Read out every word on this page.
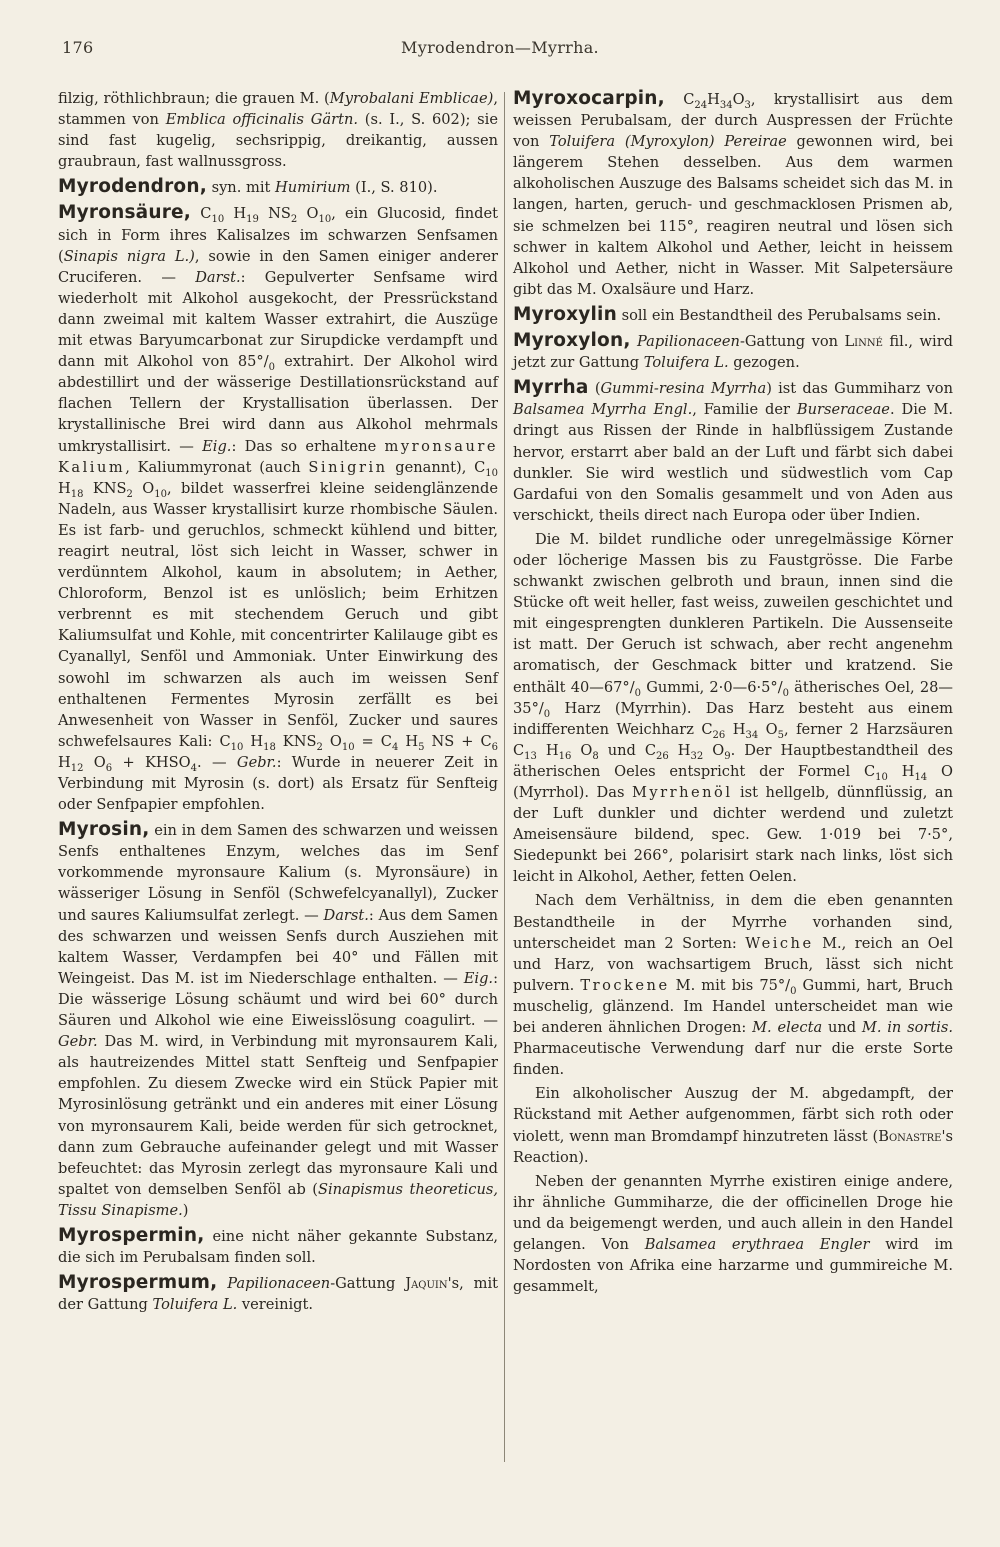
176	Myrodendron—Myrrha.

filzig, röthlichbraun; die grauen M. (Myrobalani Emblicae), stammen von Emblica officinalis Gärtn. (s. I., S. 602); sie sind fast kugelig, sechsrippig, dreikantig, aussen graubraun, fast wallnussgross.

Myrodendron, syn. mit Humirium (I., S. 810).

Myronsäure, $C_{10}$ $H_{19}$ $NS_2$ $O_{10}$, ein Glucosid, findet sich in Form ihres Kalisalzes im schwarzen Senfsamen (Sinapis nigra L.), sowie in den Samen einiger anderer Cruciferen. — Darst.: Gepulverter Senfsame wird wiederholt mit Alkohol ausgekocht, der Pressrückstand dann zweimal mit kaltem Wasser extrahirt, die Auszüge mit etwas Baryumcarbonat zur Sirupdicke verdampft und dann mit Alkohol von $85^\circ/_0$ extrahirt. Der Alkohol wird abdestillirt und der wässerige Destillationsrückstand auf flachen Tellern der Krystallisation überlassen. Der krystallinische Brei wird dann aus Alkohol mehrmals umkrystallisirt. — Eig.: Das so erhaltene myronsaure Kalium, Kaliummyronat (auch Sinigrin genannt), $C_{10}$ $H_{18}$ $KNS_2$ $O_{10}$, bildet wasserfrei kleine seidenglänzende Nadeln, aus Wasser krystallisirt kurze rhombische Säulen. Es ist farb- und geruchlos, schmeckt kühlend und bitter, reagirt neutral, löst sich leicht in Wasser, schwer in verdünntem Alkohol, kaum in absolutem; in Aether, Chloroform, Benzol ist es unlöslich; beim Erhitzen verbrennt es mit stechendem Geruch und gibt Kaliumsulfat und Kohle, mit concentrirter Kalilauge gibt es Cyanallyl, Senföl und Ammoniak. Unter Einwirkung des sowohl im schwarzen als auch im weissen Senf enthaltenen Fermentes Myrosin zerfällt es bei Anwesenheit von Wasser in Senföl, Zucker und saures schwefelsaures Kali: $C_{10}$ $H_{18}$ $KNS_2$ $O_{10} = C_4$ $H_5$ NS + $C_6$ $H_{12}$ $O_6$ + $KHSO_4$. — Gebr.: Wurde in neuerer Zeit in Verbindung mit Myrosin (s. dort) als Ersatz für Senfteig oder Senfpapier empfohlen.

Myrosin, ein in dem Samen des schwarzen und weissen Senfs enthaltenes Enzym, welches das im Senf vorkommende myronsaure Kalium (s. Myronsäure) in wässeriger Lösung in Senföl (Schwefelcyanallyl), Zucker und saures Kaliumsulfat zerlegt. — Darst.: Aus dem Samen des schwarzen und weissen Senfs durch Ausziehen mit kaltem Wasser, Verdampfen bei 40° und Fällen mit Weingeist. Das M. ist im Niederschlage enthalten. — Eig.: Die wässerige Lösung schäumt und wird bei 60° durch Säuren und Alkohol wie eine Eiweisslösung coagulirt. — Gebr. Das M. wird, in Verbindung mit myronsaurem Kali, als hautreizendes Mittel statt Senfteig und Senfpapier empfohlen. Zu diesem Zwecke wird ein Stück Papier mit Myrosinlösung getränkt und ein anderes mit einer Lösung von myronsaurem Kali, beide werden für sich getrocknet, dann zum Gebrauche aufeinander gelegt und mit Wasser befeuchtet: das Myrosin zerlegt das myronsaure Kali und spaltet von demselben Senföl ab (Sinapismus theoreticus, Tissu Sinapisme.)

Myrospermin, eine nicht näher gekannte Substanz, die sich im Perubalsam finden soll.

Myrospermum, Papilionaceen-Gattung Jaquin's, mit der Gattung Toluifera L. vereinigt.

Myroxocarpin, $C_{24}H_{34}O_3$, krystallisirt aus dem weissen Perubalsam, der durch Auspressen der Früchte von Toluifera (Myroxylon) Pereirae gewonnen wird, bei längerem Stehen desselben. Aus dem warmen alkoholischen Auszuge des Balsams scheidet sich das M. in langen, harten, geruch- und geschmacklosen Prismen ab, sie schmelzen bei 115°, reagiren neutral und lösen sich schwer in kaltem Alkohol und Aether, leicht in heissem Alkohol und Aether, nicht in Wasser. Mit Salpetersäure gibt das M. Oxalsäure und Harz.

Myroxylin soll ein Bestandtheil des Perubalsams sein.

Myroxylon, Papilionaceen-Gattung von Linné fil., wird jetzt zur Gattung Toluifera L. gezogen.

Myrrha (Gummi-resina Myrrha) ist das Gummiharz von Balsamea Myrrha Engl., Familie der Burseraceae. Die M. dringt aus Rissen der Rinde in halbflüssigem Zustande hervor, erstarrt aber bald an der Luft und färbt sich dabei dunkler. Sie wird westlich und südwestlich vom Cap Gardafui von den Somalis gesammelt und von Aden aus verschickt, theils direct nach Europa oder über Indien.

Die M. bildet rundliche oder unregelmässige Körner oder löcherige Massen bis zu Faustgrösse. Die Farbe schwankt zwischen gelbroth und braun, innen sind die Stücke oft weit heller, fast weiss, zuweilen geschichtet und mit eingesprengten dunkleren Partikeln. Die Aussenseite ist matt. Der Geruch ist schwach, aber recht angenehm aromatisch, der Geschmack bitter und kratzend. Sie enthält $40—67^\circ/_0$ Gummi, $2\cdot 0—6\cdot 5^\circ/_0$ ätherisches Oel, $28—35^\circ/_0$ Harz (Myrrhin). Das Harz besteht aus einem indifferenten Weichharz $C_{26}$ $H_{34}$ $O_5$, ferner 2 Harzsäuren $C_{13}$ $H_{16}$ $O_8$ und $C_{26}$ $H_{32}$ $O_9$. Der Hauptbestandtheil des ätherischen Oeles entspricht der Formel $C_{10}$ $H_{14}$ O (Myrrhol). Das Myrrhenöl ist hellgelb, dünnflüssig, an der Luft dunkler und dichter werdend und zuletzt Ameisensäure bildend, spec. Gew. 1·019 bei 7·5°, Siedepunkt bei 266°, polarisirt stark nach links, löst sich leicht in Alkohol, Aether, fetten Oelen.

Nach dem Verhältniss, in dem die eben genannten Bestandtheile in der Myrrhe vorhanden sind, unterscheidet man 2 Sorten: Weiche M., reich an Oel und Harz, von wachsartigem Bruch, lässt sich nicht pulvern. Trockene M. mit bis $75^\circ/_0$ Gummi, hart, Bruch muschelig, glänzend. Im Handel unterscheidet man wie bei anderen ähnlichen Drogen: M. electa und M. in sortis. Pharmaceutische Verwendung darf nur die erste Sorte finden.

Ein alkoholischer Auszug der M. abgedampft, der Rückstand mit Aether aufgenommen, färbt sich roth oder violett, wenn man Bromdampf hinzutreten lässt (Bonastre's Reaction).

Neben der genannten Myrrhe existiren einige andere, ihr ähnliche Gummiharze, die der officinellen Droge hie und da beigemengt werden, und auch allein in den Handel gelangen. Von Balsamea erythraea Engler wird im Nordosten von Afrika eine harzarme und gummireiche M. gesammelt,
